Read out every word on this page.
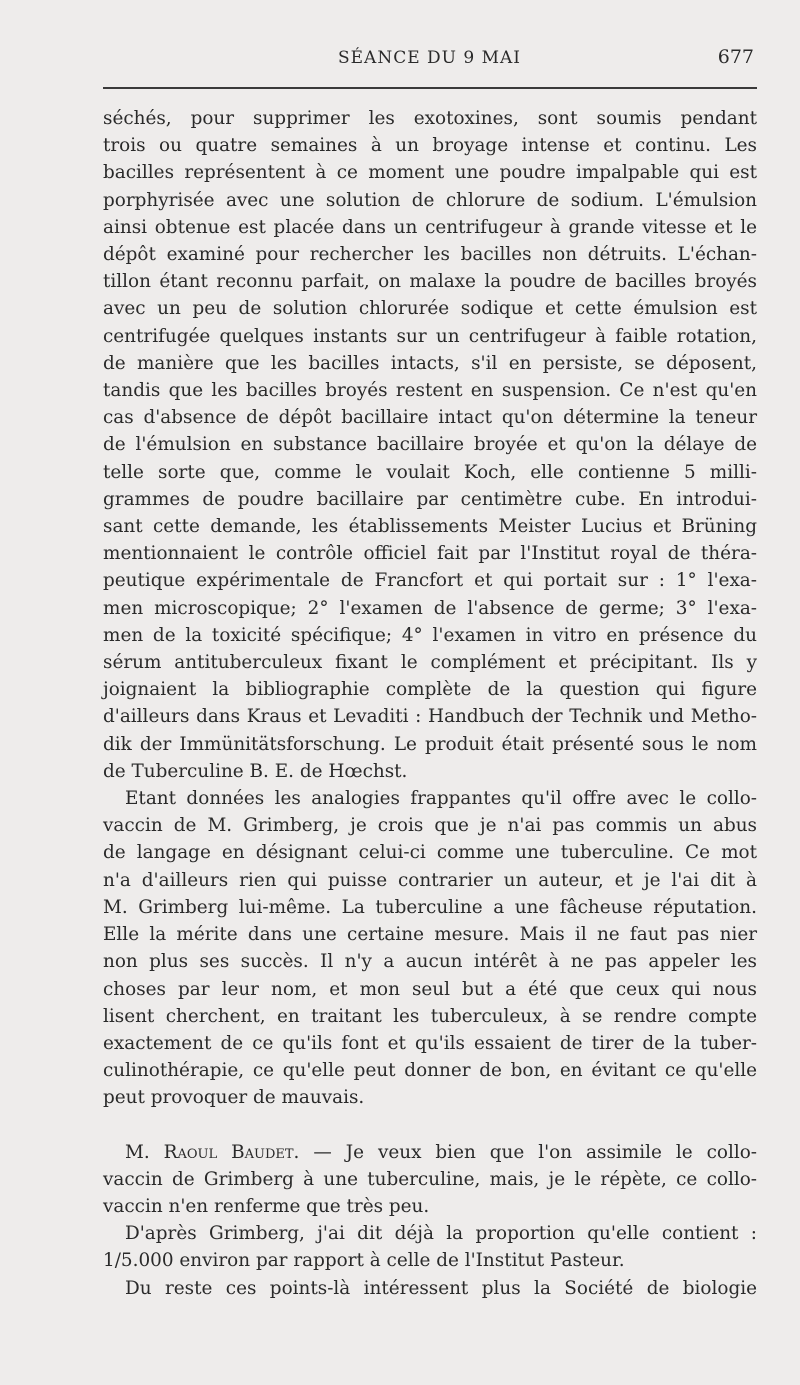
SÉANCE DU 9 MAI	677
séchés, pour supprimer les exotoxines, sont soumis pendant
trois ou quatre semaines à un broyage intense et continu. Les
bacilles représentent à ce moment une poudre impalpable qui est
porphyrisée avec une solution de chlorure de sodium. L'émulsion
ainsi obtenue est placée dans un centrifugeur à grande vitesse et le
dépôt examiné pour rechercher les bacilles non détruits. L'échan-
tillon étant reconnu parfait, on malaxe la poudre de bacilles broyés
avec un peu de solution chlorurée sodique et cette émulsion est
centrifugée quelques instants sur un centrifugeur à faible rotation,
de manière que les bacilles intacts, s'il en persiste, se déposent,
tandis que les bacilles broyés restent en suspension. Ce n'est qu'en
cas d'absence de dépôt bacillaire intact qu'on détermine la teneur
de l'émulsion en substance bacillaire broyée et qu'on la délaye de
telle sorte que, comme le voulait Koch, elle contienne 5 milli-
grammes de poudre bacillaire par centimètre cube. En introdui-
sant cette demande, les établissements Meister Lucius et Brüning
mentionnaient le contrôle officiel fait par l'Institut royal de théra-
peutique expérimentale de Francfort et qui portait sur : 1° l'exa-
men microscopique; 2° l'examen de l'absence de germe; 3° l'exa-
men de la toxicité spécifique; 4° l'examen in vitro en présence du
sérum antituberculeux fixant le complément et précipitant. Ils y
joignaient la bibliographie complète de la question qui figure
d'ailleurs dans Kraus et Levaditi : Handbuch der Technik und Metho-
dik der Immünitätsforschung. Le produit était présenté sous le nom
de Tuberculine B. E. de Hœchst.
Etant données les analogies frappantes qu'il offre avec le collo-
vaccin de M. Grimberg, je crois que je n'ai pas commis un abus
de langage en désignant celui-ci comme une tuberculine. Ce mot
n'a d'ailleurs rien qui puisse contrarier un auteur, et je l'ai dit à
M. Grimberg lui-même. La tuberculine a une fâcheuse réputation.
Elle la mérite dans une certaine mesure. Mais il ne faut pas nier
non plus ses succès. Il n'y a aucun intérêt à ne pas appeler les
choses par leur nom, et mon seul but a été que ceux qui nous
lisent cherchent, en traitant les tuberculeux, à se rendre compte
exactement de ce qu'ils font et qu'ils essaient de tirer de la tuber-
culinothérapie, ce qu'elle peut donner de bon, en évitant ce qu'elle
peut provoquer de mauvais.
M. Raoul Baudet. — Je veux bien que l'on assimile le collo-
vaccin de Grimberg à une tuberculine, mais, je le répète, ce collo-
vaccin n'en renferme que très peu.
D'après Grimberg, j'ai dit déjà la proportion qu'elle contient :
1/5.000 environ par rapport à celle de l'Institut Pasteur.
Du reste ces points-là intéressent plus la Société de biologie
